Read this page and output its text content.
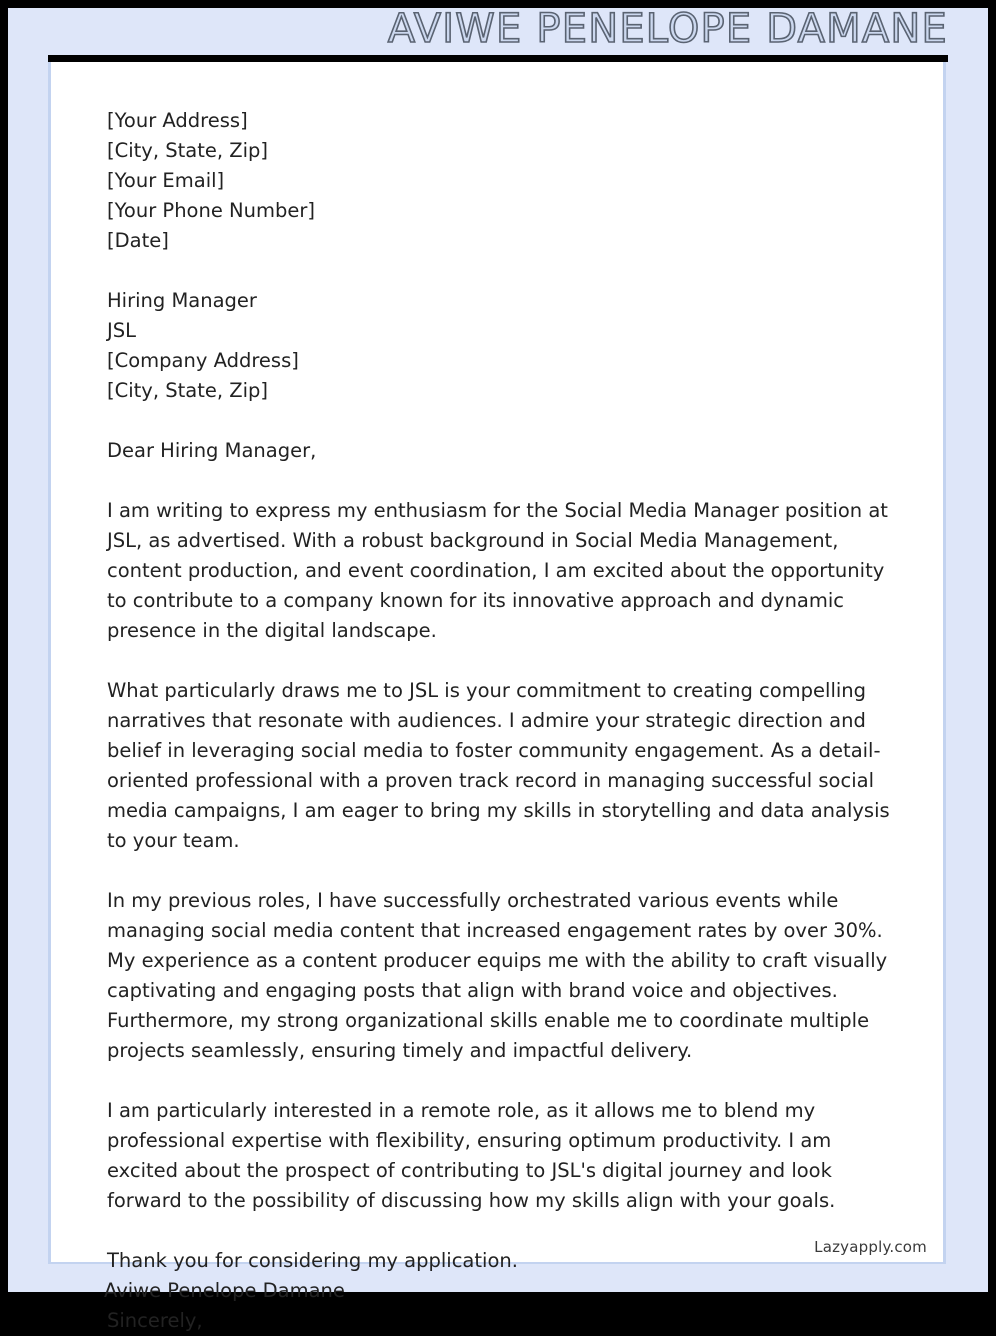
AVIWE PENELOPE DAMANE
[Your Address]
[City, State, Zip]
[Your Email]
[Your Phone Number]
[Date]
Hiring Manager
JSL
[Company Address]
[City, State, Zip]
Dear Hiring Manager,
I am writing to express my enthusiasm for the Social Media Manager position at JSL, as advertised. With a robust background in Social Media Management, content production, and event coordination, I am excited about the opportunity to contribute to a company known for its innovative approach and dynamic presence in the digital landscape.
What particularly draws me to JSL is your commitment to creating compelling narratives that resonate with audiences. I admire your strategic direction and belief in leveraging social media to foster community engagement. As a detail-oriented professional with a proven track record in managing successful social media campaigns, I am eager to bring my skills in storytelling and data analysis to your team.
In my previous roles, I have successfully orchestrated various events while managing social media content that increased engagement rates by over 30%. My experience as a content producer equips me with the ability to craft visually captivating and engaging posts that align with brand voice and objectives. Furthermore, my strong organizational skills enable me to coordinate multiple projects seamlessly, ensuring timely and impactful delivery.
I am particularly interested in a remote role, as it allows me to blend my professional expertise with flexibility, ensuring optimum productivity. I am excited about the prospect of contributing to JSL's digital journey and look forward to the possibility of discussing how my skills align with your goals.
Thank you for considering my application.
Sincerely,
Lazyapply.com
Aviwe Penelope Damane
